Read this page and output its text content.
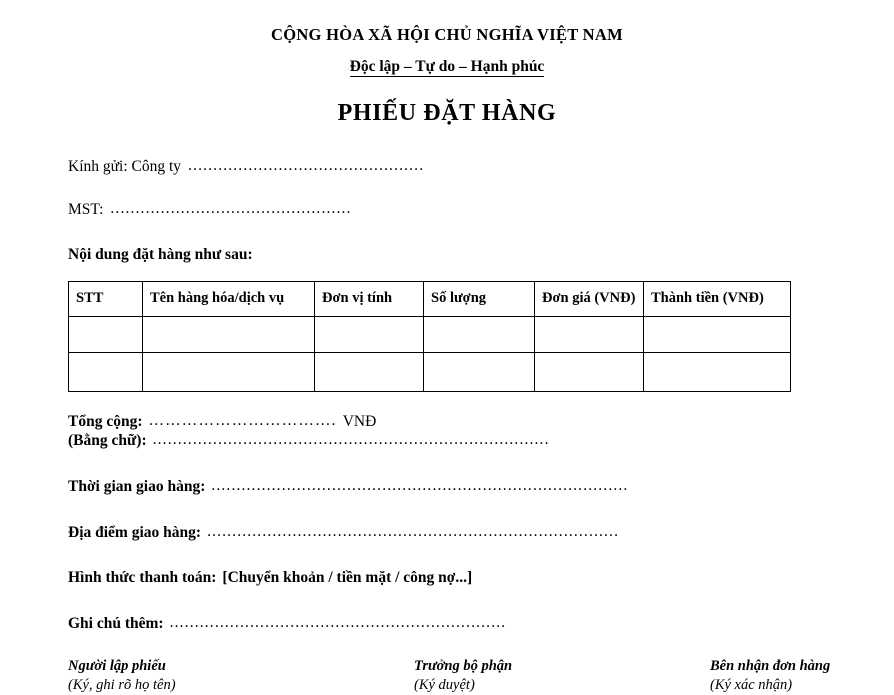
CỘNG HÒA XÃ HỘI CHỦ NGHĨA VIỆT NAM
Độc lập – Tự do – Hạnh phúc
PHIẾU ĐẶT HÀNG
Kính gửi: Công ty ...............................................
MST: ................................................
Nội dung đặt hàng như sau:
STT	Tên hàng hóa/dịch vụ	Đơn vị tính	Số lượng	Đơn giá (VNĐ)	Thành tiền (VNĐ)

Tổng cộng: ……………………………. VNĐ
(Bằng chữ): ...............................................................................
Thời gian giao hàng: ...................................................................................
Địa điểm giao hàng: ..................................................................................
Hình thức thanh toán: [Chuyển khoản / tiền mặt / công nợ...]
Ghi chú thêm: ...................................................................
Người lập phiếu
(Ký, ghi rõ họ tên)
Trưởng bộ phận
(Ký duyệt)
Bên nhận đơn hàng
(Ký xác nhận)
